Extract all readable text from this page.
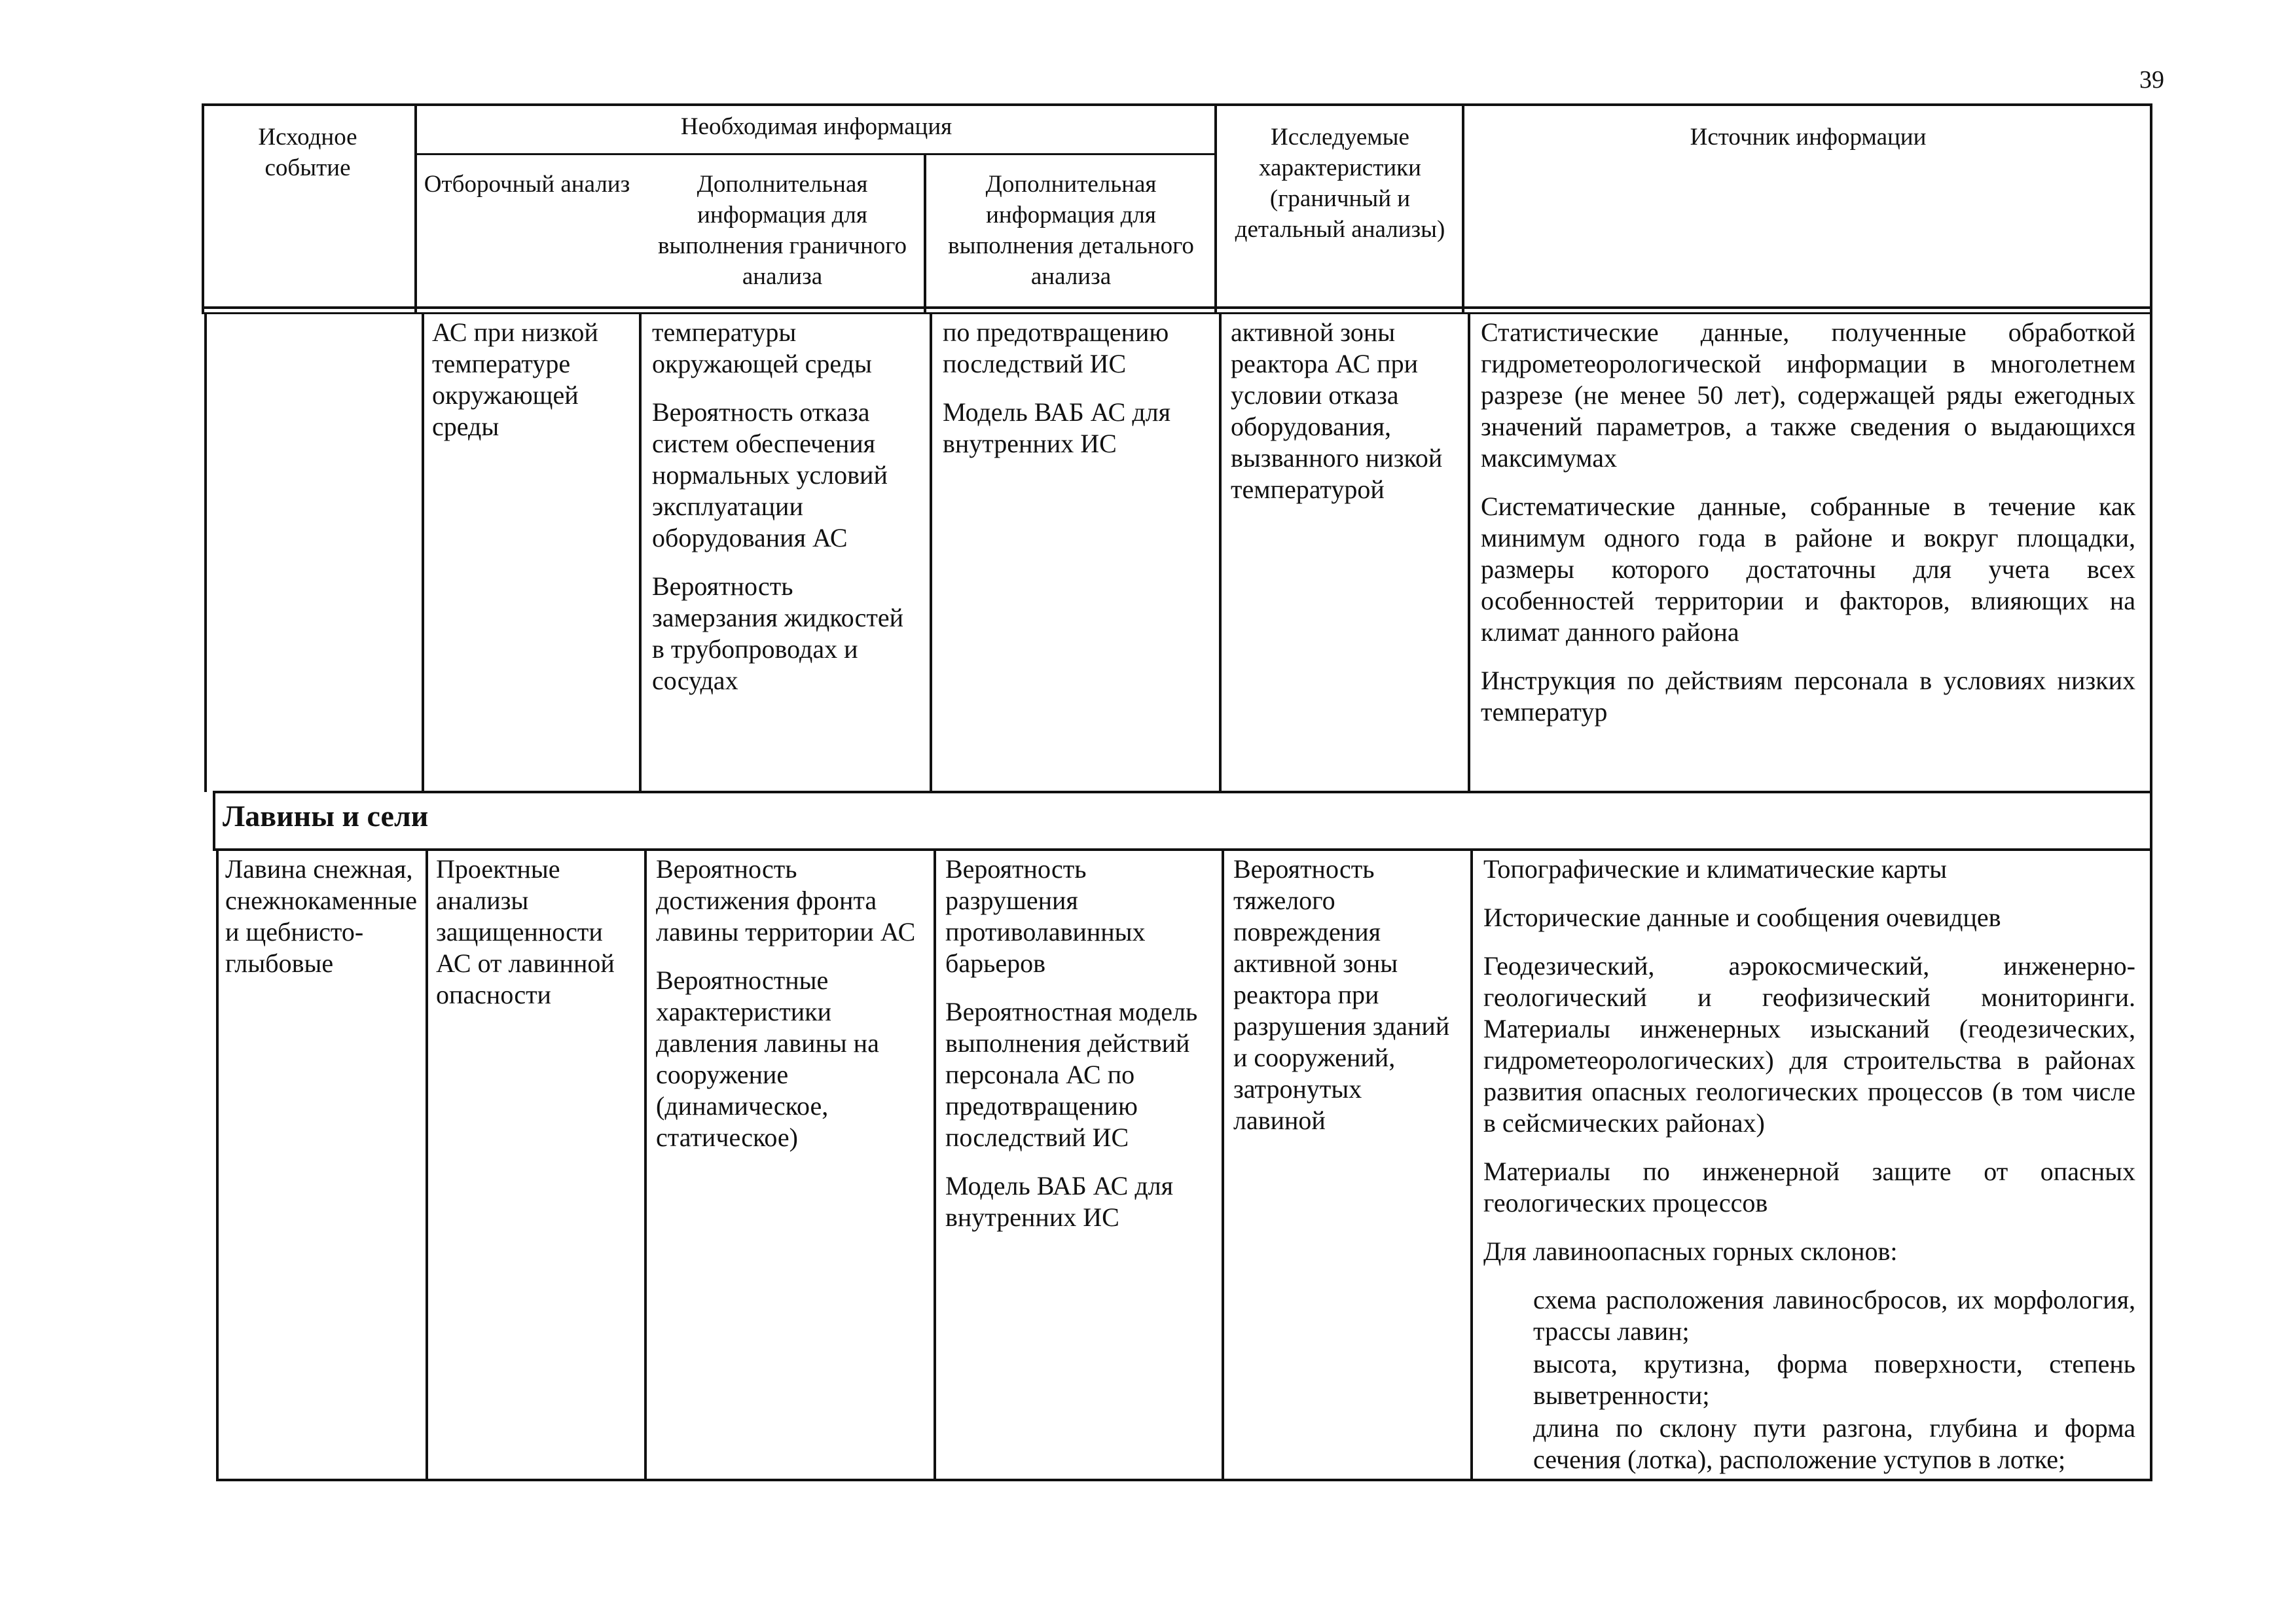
39
Исходное событие
Необходимая информация
Отборочный анализ	Дополнительная информация для выполнения граничного анализа
Дополнительная информация для выполнения детального анализа
Исследуемые характеристики (граничный и детальный анализы)
Источник информации
АС при низкой температуре окружающей среды

температуры окружающей среды

Вероятность отказа систем обеспечения нормальных условий эксплуатации оборудования АС

Вероятность замерзания жидкостей в трубопроводах и сосудах

по предотвращению последствий ИС

Модель ВАБ АС для внутренних ИС

активной зоны реактора АС при условии отказа оборудования, вызванного низкой температурой

Статистические данные, полученные обработкой гидрометеорологической информации в многолетнем разрезе (не менее 50 лет), содержащей ряды ежегодных значений параметров, а также сведения о выдающихся максимумах

Систематические данные, собранные в течение как минимум одного года в районе и вокруг площадки, размеры которого достаточны для учета всех особенностей территории и факторов, влияющих на климат данного района

Инструкция по действиям персонала в условиях низких температур

Лавины и сели
Лавина снежная, снежнокаменные и щебнисто-глыбовые
Проектные анализы защищенности АС от лавинной опасности

Вероятность достижения фронта лавины территории АС

Вероятностные характеристики давления лавины на сооружение (динамическое, статическое)

Вероятность разрушения противолавинных барьеров

Вероятностная модель выполнения действий персонала АС по предотвращению последствий ИС

Модель ВАБ АС для внутренних ИС

Вероятность тяжелого повреждения активной зоны реактора при разрушения зданий и сооружений, затронутых лавиной

Топографические и климатические карты

Исторические данные и сообщения очевидцев

Геодезический, аэрокосмический, инженерно-геологический и геофизический мониторинги. Материалы инженерных изысканий (геодезических, гидрометеорологических) для строительства в районах развития опасных геологических процессов (в том числе в сейсмических районах)

Материалы по инженерной защите от опасных геологических процессов

Для лавиноопасных горных склонов:

схема расположения лавиносбросов, их морфология, трассы лавин;

высота, крутизна, форма поверхности, степень выветренности;

длина по склону пути разгона, глубина и форма сечения (лотка), расположение уступов в лотке;
